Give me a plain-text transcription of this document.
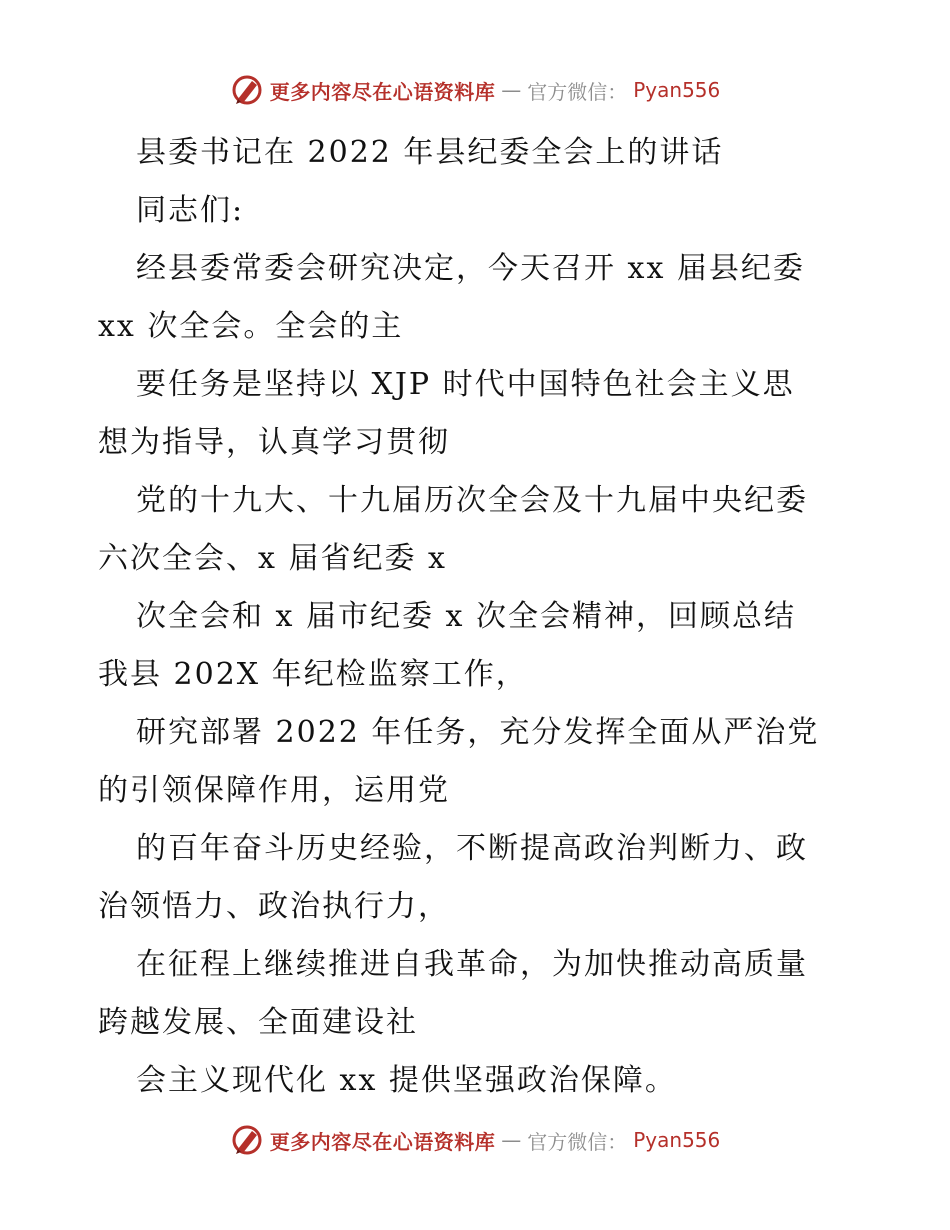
更多内容尽在心语资料库 — 官方微信： Pyan556
县委书记在 2022 年县纪委全会上的讲话
同志们:
经县委常委会研究决定，今天召开 xx 届县纪委
xx 次全会。全会的主
要任务是坚持以 XJP 时代中国特色社会主义思
想为指导，认真学习贯彻
党的十九大、十九届历次全会及十九届中央纪委
六次全会、x 届省纪委 x
次全会和 x 届市纪委 x 次全会精神，回顾总结
我县 202X 年纪检监察工作，
研究部署 2022 年任务，充分发挥全面从严治党
的引领保障作用，运用党
的百年奋斗历史经验，不断提高政治判断力、政
治领悟力、政治执行力，
在征程上继续推进自我革命，为加快推动高质量
跨越发展、全面建设社
会主义现代化 xx 提供坚强政治保障。
更多内容尽在心语资料库 — 官方微信： Pyan556
